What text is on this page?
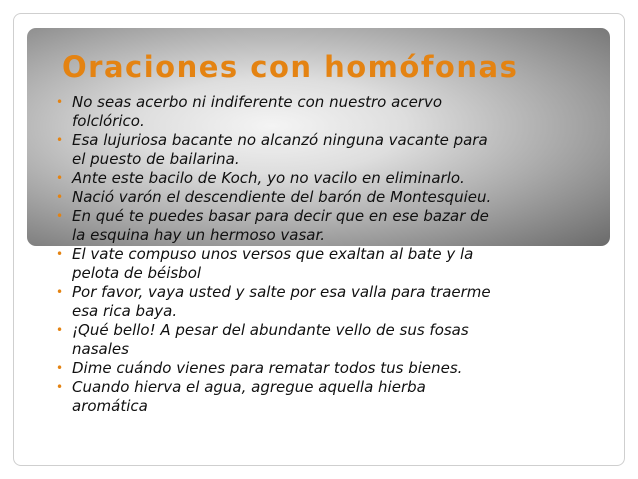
Oraciones con homófonas
• No seas acerbo ni indiferente con nuestro acervo
folclórico.
• Esa lujuriosa bacante no alcanzó ninguna vacante para
el puesto de bailarina.
• Ante este bacilo de Koch, yo no vacilo en eliminarlo.
• Nació varón el descendiente del barón de Montesquieu.
• En qué te puedes basar para decir que en ese bazar de
la esquina hay un hermoso vasar.
• El vate compuso unos versos que exaltan al bate y la
pelota de béisbol
• Por favor, vaya usted y salte por esa valla para traerme
esa rica baya.
• ¡Qué bello! A pesar del abundante vello de sus fosas
nasales
• Dime cuándo vienes para rematar todos tus bienes.
• Cuando hierva el agua, agregue aquella hierba
aromática
